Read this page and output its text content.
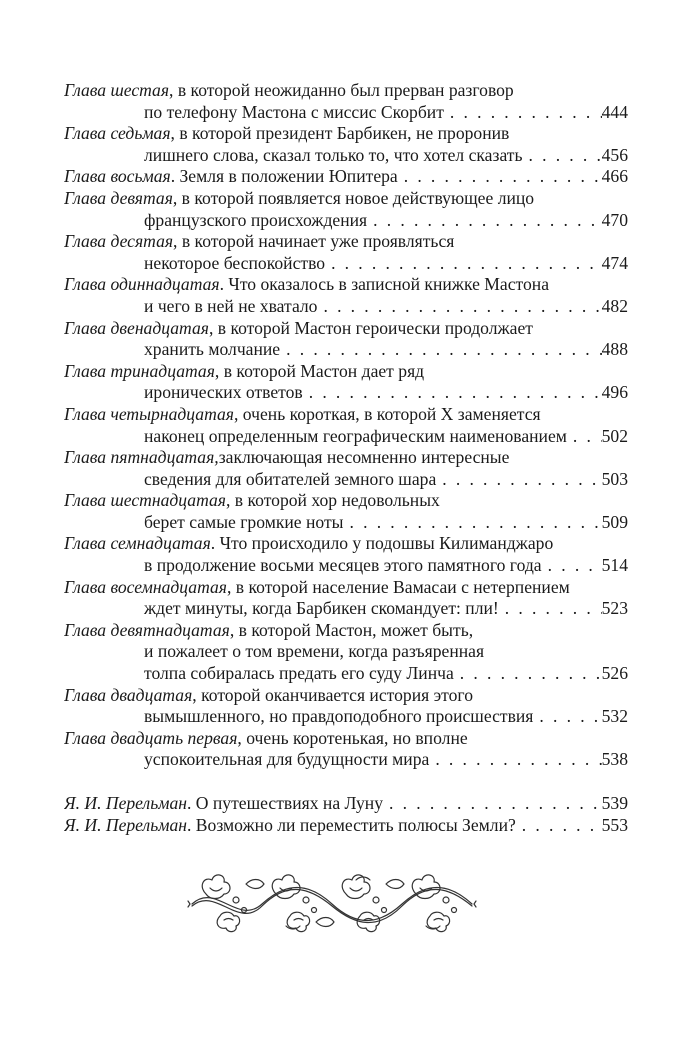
Глава шестая , в которой неожиданно был прерван разговор
по телефону Мастона с миссис Скорбит . . .	444
Глава седьмая , в которой президент Барбикен, не проронив
лишнего слова, сказал только то, что хотел сказать . . .	456
Глава восьмая . Земля в положении Юпитера . . .	466
Глава девятая , в которой появляется новое действующее лицо
французского происхождения . . .	470
Глава десятая , в которой начинает уже проявляться
некоторое беспокойство . . .	474
Глава одиннадцатая . Что оказалось в записной книжке Мастона
и чего в ней не хватало . . .	482
Глава двенадцатая , в которой Мастон героически продолжает
хранить молчание . . .	488
Глава тринадцатая , в которой Мастон дает ряд
иронических ответов . . .	496
Глава четырнадцатая , очень короткая, в которой X заменяется
наконец определенным географическим наименованием . . . 502
Глава пятнадцатая, заключающая несомненно интересные
сведения для обитателей земного шара . . .	503
Глава шестнадцатая , в которой хор недовольных
берет самые громкие ноты . . .	509
Глава семнадцатая . Что происходило у подошвы Килиманджаро
в продолжение восьми месяцев этого памятного года . . .	514
Глава восемнадцатая , в которой население Вамасаи с нетерпением
ждет минуты, когда Барбикен скомандует: пли! . . .	523
Глава девятнадцатая , в которой Мастон, может быть,
и пожалеет о том времени, когда разъяренная
толпа собиралась предать его суду Линча . . .	526
Глава двадцатая , которой оканчивается история этого
вымышленного, но правдоподобного происшествия . . .	532
Глава двадцать первая , очень коротенькая, но вполне
успокоительная для будущности мира . . .	538
Я. И. Перельман . О путешествиях на Луну . . .	539
Я. И. Перельман . Возможно ли переместить полюсы Земли? . . .	553
